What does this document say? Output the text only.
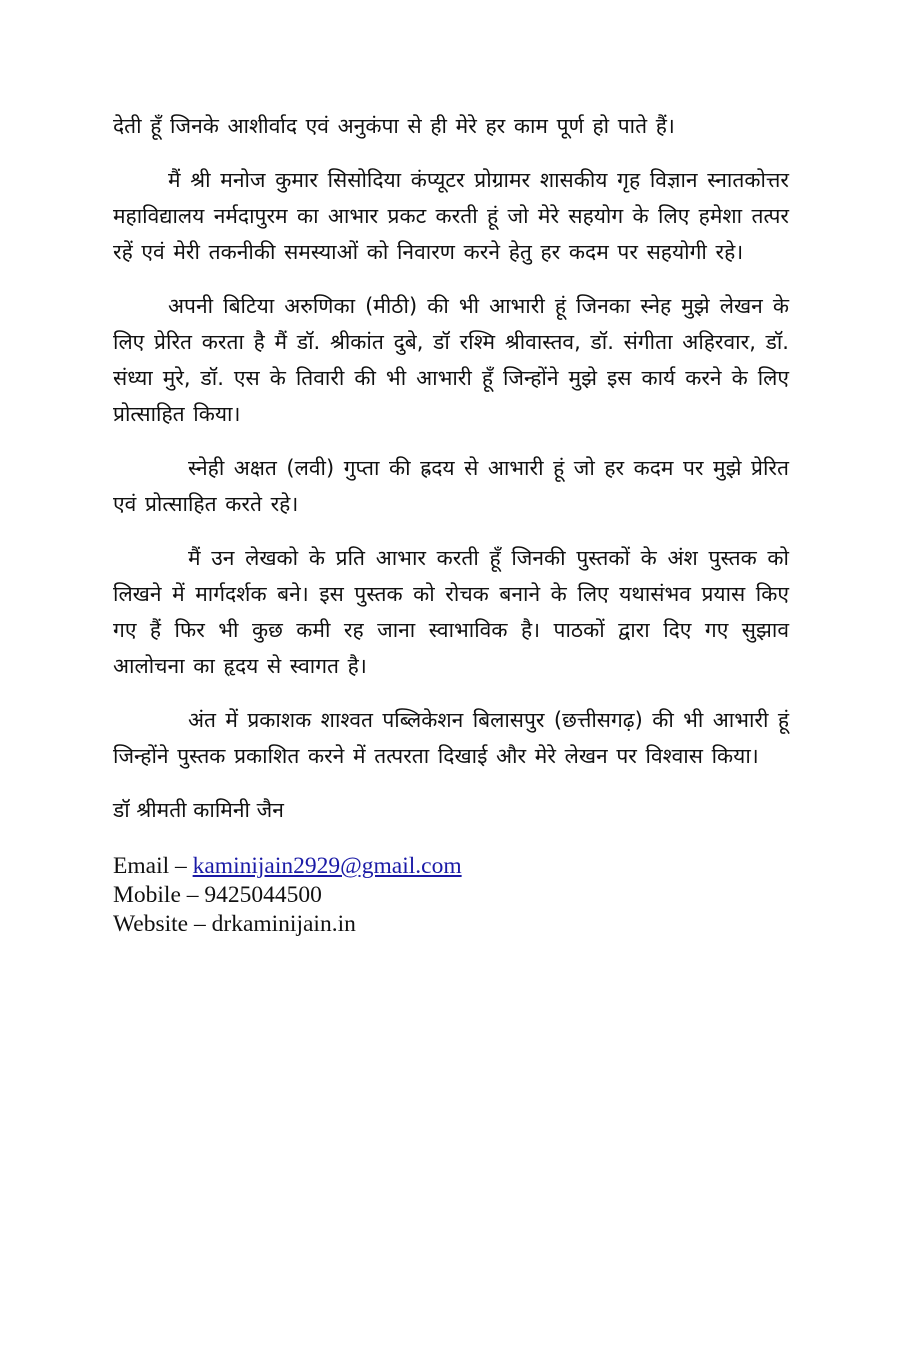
देती हूँ जिनके आशीर्वाद एवं अनुकंपा से ही मेरे हर काम पूर्ण हो पाते हैं।

मैं श्री मनोज कुमार सिसोदिया कंप्यूटर प्रोग्रामर शासकीय गृह विज्ञान स्नातकोत्तर महाविद्यालय नर्मदापुरम का आभार प्रकट करती हूं जो मेरे सहयोग के लिए हमेशा तत्पर रहें एवं मेरी तकनीकी समस्याओं को निवारण करने हेतु हर कदम पर सहयोगी रहे।

अपनी बिटिया अरुणिका (मीठी) की भी आभारी हूं जिनका स्नेह मुझे लेखन के लिए प्रेरित करता है मैं डॉ. श्रीकांत दुबे, डॉ रश्मि श्रीवास्तव, डॉ. संगीता अहिरवार, डॉ. संध्या मुरे, डॉ. एस के तिवारी की भी आभारी हूँ जिन्होंने मुझे इस कार्य करने के लिए प्रोत्साहित किया।

स्नेही अक्षत (लवी) गुप्ता की ह्रदय से आभारी हूं जो हर कदम पर मुझे प्रेरित एवं प्रोत्साहित करते रहे।

मैं उन लेखको के प्रति आभार करती हूँ जिनकी पुस्तकों के अंश पुस्तक को लिखने में मार्गदर्शक बने। इस पुस्तक को रोचक बनाने के लिए यथासंभव प्रयास किए गए हैं फिर भी कुछ कमी रह जाना स्वाभाविक है। पाठकों द्वारा दिए गए सुझाव आलोचना का हृदय से स्वागत है।

अंत में प्रकाशक शाश्वत पब्लिकेशन बिलासपुर (छत्तीसगढ़) की भी आभारी हूं जिन्होंने पुस्तक प्रकाशित करने में तत्परता दिखाई और मेरे लेखन पर विश्वास किया।

डॉ श्रीमती कामिनी जैन

Email – kaminijain2929@gmail.com
Mobile – 9425044500
Website – drkaminijain.in
